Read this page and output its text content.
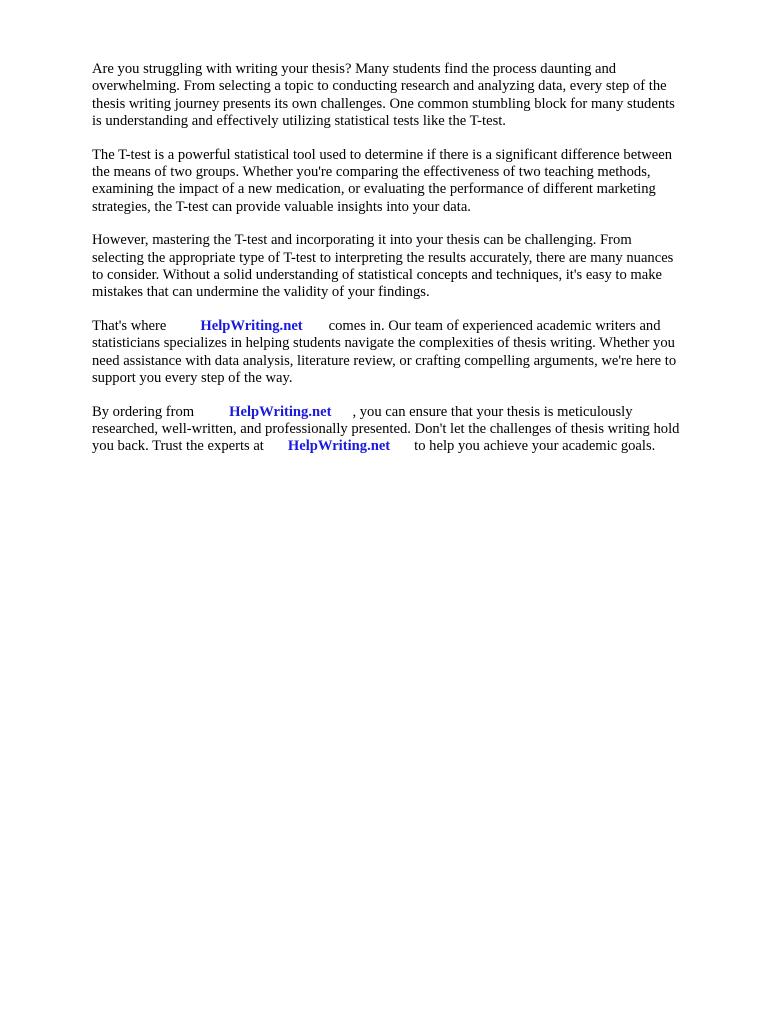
Are you struggling with writing your thesis? Many students find the process daunting and
overwhelming. From selecting a topic to conducting research and analyzing data, every step of the
thesis writing journey presents its own challenges. One common stumbling block for many students
is understanding and effectively utilizing statistical tests like the T-test.

The T-test is a powerful statistical tool used to determine if there is a significant difference between
the means of two groups. Whether you're comparing the effectiveness of two teaching methods,
examining the impact of a new medication, or evaluating the performance of different marketing
strategies, the T-test can provide valuable insights into your data.

However, mastering the T-test and incorporating it into your thesis can be challenging. From
selecting the appropriate type of T-test to interpreting the results accurately, there are many nuances
to consider. Without a solid understanding of statistical concepts and techniques, it's easy to make
mistakes that can undermine the validity of your findings.

That's where HelpWriting.net comes in. Our team of experienced academic writers and
statisticians specializes in helping students navigate the complexities of thesis writing. Whether you
need assistance with data analysis, literature review, or crafting compelling arguments, we're here to
support you every step of the way.

By ordering from HelpWriting.net , you can ensure that your thesis is meticulously
researched, well-written, and professionally presented. Don't let the challenges of thesis writing hold
you back. Trust the experts at HelpWriting.net to help you achieve your academic goals.
